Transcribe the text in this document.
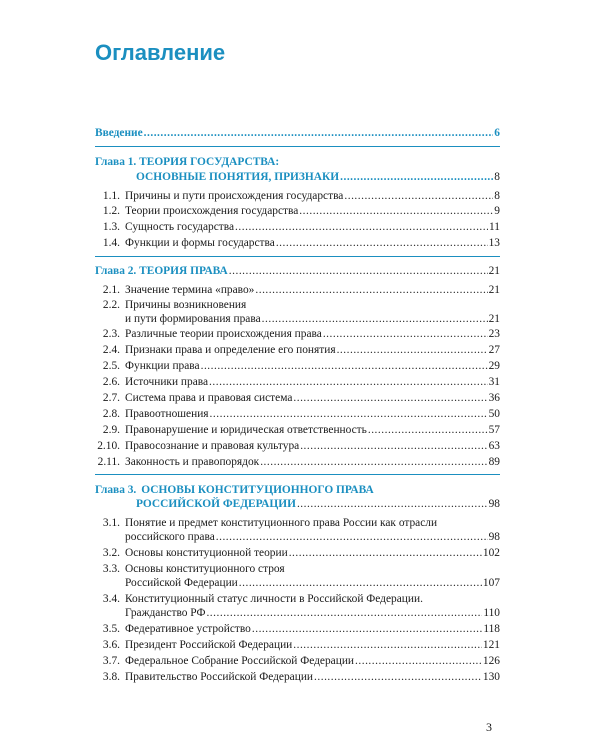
Оглавление
Введение .....	6
Глава 1. ТЕОРИЯ ГОСУДАРСТВА:
ОСНОВНЫЕ ПОНЯТИЯ, ПРИЗНАКИ .....	8
1.1. Причины и пути происхождения государства .....	8
1.2. Теории происхождения государства .....	9
1.3. Сущность государства .....	11
1.4. Функции и формы государства .....	13
Глава 2. ТЕОРИЯ ПРАВА .....	21
2.1. Значение термина «право» .....	21
2.2. Причины возникновения
и пути формирования права .....	21
2.3. Различные теории происхождения права .....	23
2.4. Признаки права и определение его понятия .....	27
2.5. Функции права .....	29
2.6. Источники права .....	31
2.7. Система права и правовая система .....	36
2.8. Правоотношения .....	50
2.9. Правонарушение и юридическая ответственность .....	57
2.10. Правосознание и правовая культура .....	63
2.11. Законность и правопорядок .....	89
Глава 3. ОСНОВЫ КОНСТИТУЦИОННОГО ПРАВА
РОССИЙСКОЙ ФЕДЕРАЦИИ .....	98
3.1. Понятие и предмет конституционного права России как отрасли
российского права .....	98
3.2. Основы конституционной теории .....	102
3.3. Основы конституционного строя
Российской Федерации .....	107
3.4. Конституционный статус личности в Российской Федерации.
Гражданство РФ .....	110
3.5. Федеративное устройство .....	118
3.6. Президент Российской Федерации .....	121
3.7. Федеральное Собрание Российской Федерации .....	126
3.8. Правительство Российской Федерации .....	130
3
